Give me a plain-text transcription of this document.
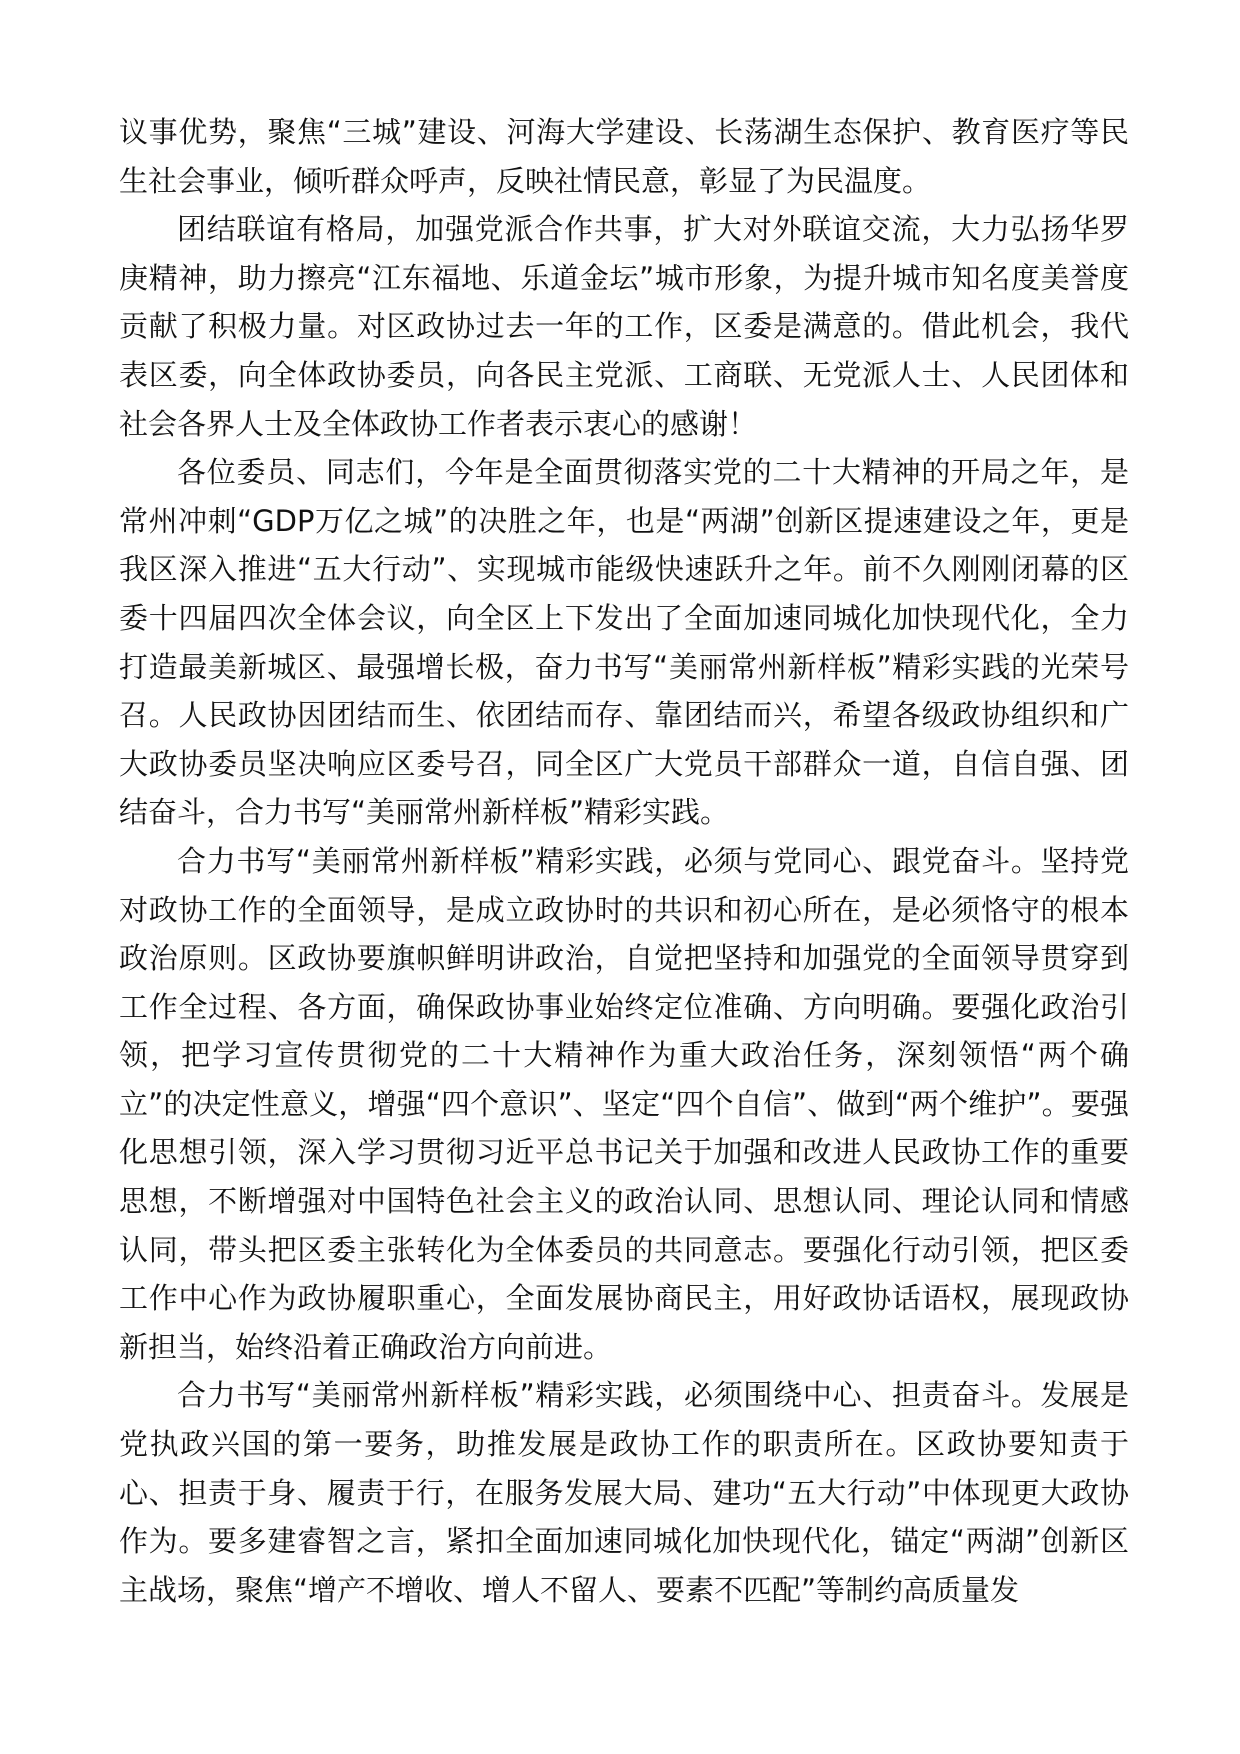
议事优势，聚焦“三城”建设、河海大学建设、长荡湖生态保护、教育医疗等民生社会事业，倾听群众呼声，反映社情民意，彰显了为民温度。

团结联谊有格局，加强党派合作共事，扩大对外联谊交流，大力弘扬华罗庚精神，助力擦亮“江东福地、乐道金坛”城市形象，为提升城市知名度美誉度贡献了积极力量。对区政协过去一年的工作，区委是满意的。借此机会，我代表区委，向全体政协委员，向各民主党派、工商联、无党派人士、人民团体和社会各界人士及全体政协工作者表示衷心的感谢！

各位委员、同志们，今年是全面贯彻落实党的二十大精神的开局之年，是常州冲刺“GDP万亿之城”的决胜之年，也是“两湖”创新区提速建设之年，更是我区深入推进“五大行动”、实现城市能级快速跃升之年。前不久刚刚闭幕的区委十四届四次全体会议，向全区上下发出了全面加速同城化加快现代化，全力打造最美新城区、最强增长极，奋力书写“美丽常州新样板”精彩实践的光荣号召。人民政协因团结而生、依团结而存、靠团结而兴，希望各级政协组织和广大政协委员坚决响应区委号召，同全区广大党员干部群众一道，自信自强、团结奋斗，合力书写“美丽常州新样板”精彩实践。

合力书写“美丽常州新样板”精彩实践，必须与党同心、跟党奋斗。坚持党对政协工作的全面领导，是成立政协时的共识和初心所在，是必须恪守的根本政治原则。区政协要旗帜鲜明讲政治，自觉把坚持和加强党的全面领导贯穿到工作全过程、各方面，确保政协事业始终定位准确、方向明确。要强化政治引领，把学习宣传贯彻党的二十大精神作为重大政治任务，深刻领悟“两个确立”的决定性意义，增强“四个意识”、坚定“四个自信”、做到“两个维护”。要强化思想引领，深入学习贯彻习近平总书记关于加强和改进人民政协工作的重要思想，不断增强对中国特色社会主义的政治认同、思想认同、理论认同和情感认同，带头把区委主张转化为全体委员的共同意志。要强化行动引领，把区委工作中心作为政协履职重心，全面发展协商民主，用好政协话语权，展现政协新担当，始终沿着正确政治方向前进。

合力书写“美丽常州新样板”精彩实践，必须围绕中心、担责奋斗。发展是党执政兴国的第一要务，助推发展是政协工作的职责所在。区政协要知责于心、担责于身、履责于行，在服务发展大局、建功“五大行动”中体现更大政协作为。要多建睿智之言，紧扣全面加速同城化加快现代化，锚定“两湖”创新区主战场，聚焦“增产不增收、增人不留人、要素不匹配”等制约高质量发
